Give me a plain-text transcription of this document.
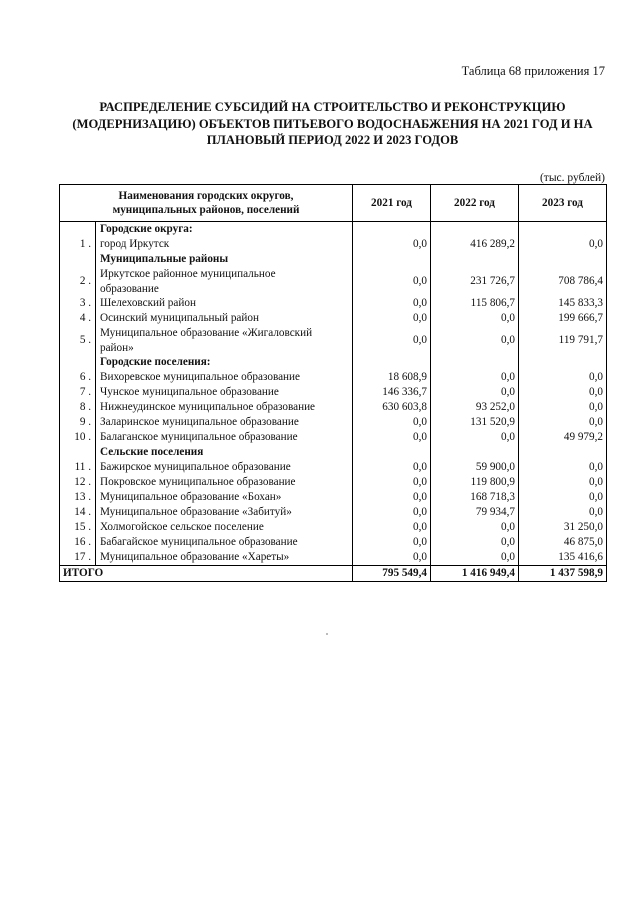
Таблица 68 приложения 17
РАСПРЕДЕЛЕНИЕ СУБСИДИЙ НА СТРОИТЕЛЬСТВО И РЕКОНСТРУКЦИЮ
(МОДЕРНИЗАЦИЮ) ОБЪЕКТОВ ПИТЬЕВОГО ВОДОСНАБЖЕНИЯ НА 2021 ГОД И НА
ПЛАНОВЫЙ ПЕРИОД 2022 И 2023 ГОДОВ
(тыс. рублей)
Наименования городских округов,
муниципальных районов, поселений		2021 год	2022 год	2023 год
	Городские округа:			
1 .	город Иркутск	0,0	416 289,2	0,0
	Муниципальные районы			
2 .	Иркутское районное муниципальное
образование	0,0	231 726,7	708 786,4
3 .	Шелеховский район	0,0	115 806,7	145 833,3
4 .	Осинский муниципальный район	0,0	0,0	199 666,7
5 .	Муниципальное образование «Жигаловский
район»	0,0	0,0	119 791,7
	Городские поселения:			
6 .	Вихоревское муниципальное образование	18 608,9	0,0	0,0
7 .	Чунское муниципальное образование	146 336,7	0,0	0,0
8 .	Нижнеудинское муниципальное образование	630 603,8	93 252,0	0,0
9 .	Заларинское муниципальное образование	0,0	131 520,9	0,0
10 .	Балаганское муниципальное образование	0,0	0,0	49 979,2
	Сельские поселения			
11 .	Бажирское муниципальное образование	0,0	59 900,0	0,0
12 .	Покровское муниципальное образование	0,0	119 800,9	0,0
13 .	Муниципальное образование «Бохан»	0,0	168 718,3	0,0
14 .	Муниципальное образование «Забитуй»	0,0	79 934,7	0,0
15 .	Холмогойское сельское поселение	0,0	0,0	31 250,0
16 .	Бабагайское муниципальное образование	0,0	0,0	46 875,0
17 .	Муниципальное образование «Хареты»	0,0	0,0	135 416,6
ИТОГО		795 549,4	1 416 949,4	1 437 598,9
